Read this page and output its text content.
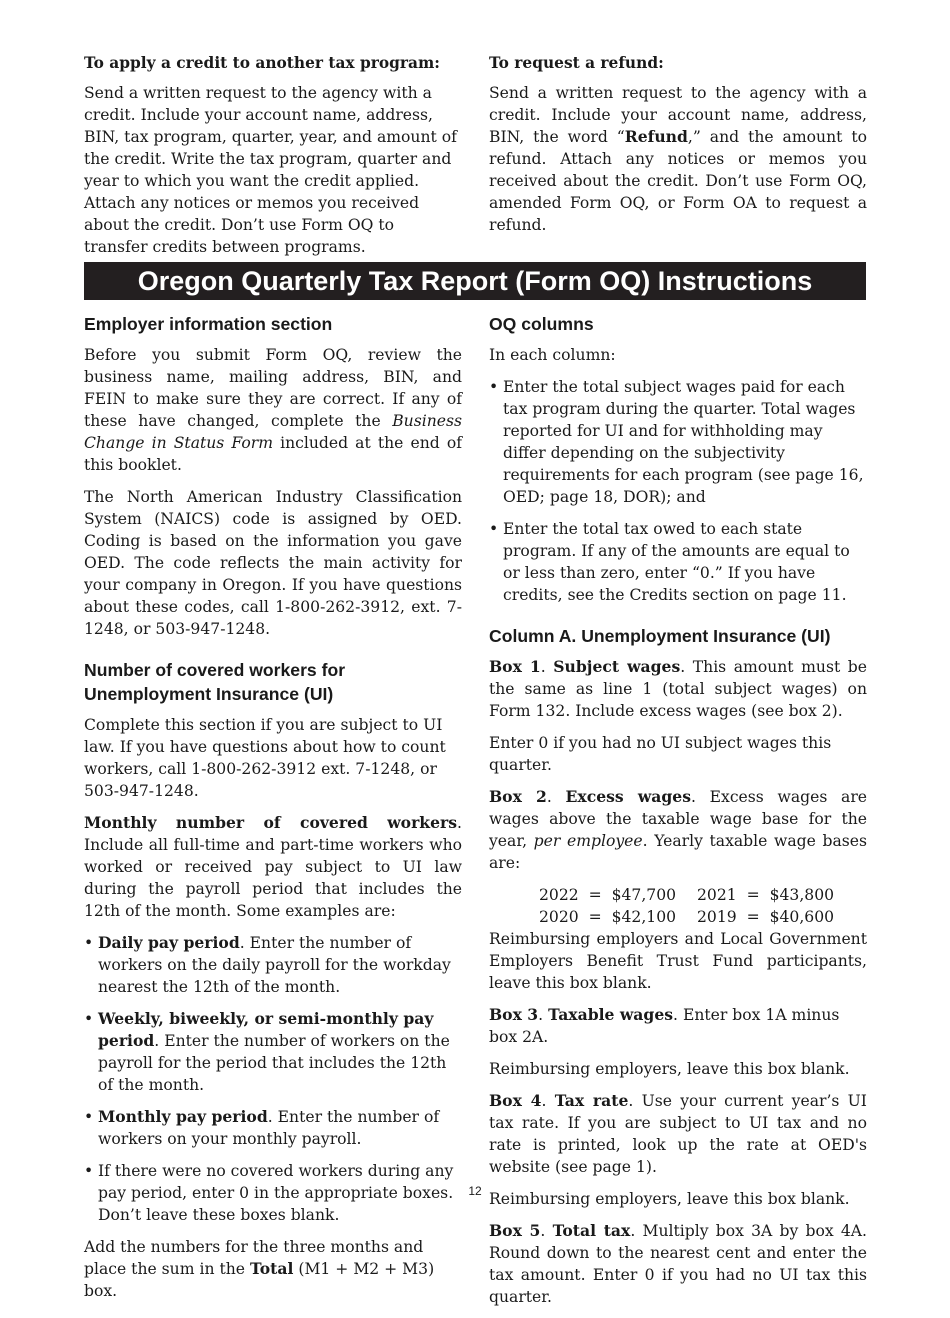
To apply a credit to another tax program:

Send a written request to the agency with a credit. Include your account name, address, BIN, tax program, quarter, year, and amount of the credit. Write the tax program, quarter and year to which you want the credit applied. Attach any notices or memos you received about the credit. Don’t use Form OQ to transfer credits between programs.

To request a refund:

Send a written request to the agency with a credit. Include your account name, address, BIN, the word “Refund,” and the amount to refund. Attach any notices or memos you received about the credit. Don’t use Form OQ, amended Form OQ, or Form OA to request a refund.

Oregon Quarterly Tax Report (Form OQ) Instructions
Employer information section

Before you submit Form OQ, review the business name, mailing address, BIN, and FEIN to make sure they are correct. If any of these have changed, complete the Business Change in Status Form included at the end of this booklet.

The North American Industry Classification System (NAICS) code is assigned by OED. Coding is based on the information you gave OED. The code reflects the main activity for your company in Oregon. If you have questions about these codes, call 1-800-262-3912, ext. 7-1248, or 503-947-1248.

Number of covered workers for Unemployment Insurance (UI)

Complete this section if you are subject to UI law. If you have questions about how to count workers, call 1-800-262-3912 ext. 7-1248, or 503-947-1248.

Monthly number of covered workers. Include all full-time and part-time workers who worked or received pay subject to UI law during the payroll period that includes the 12th of the month. Some examples are:

• Daily pay period. Enter the number of workers on the daily payroll for the workday nearest the 12th of the month.
• Weekly, biweekly, or semi-monthly pay period. Enter the number of workers on the payroll for the period that includes the 12th of the month.
• Monthly pay period. Enter the number of workers on your monthly payroll.
• If there were no covered workers during any pay period, enter 0 in the appropriate boxes. Don’t leave these boxes blank.

Add the numbers for the three months and place the sum in the Total (M1 + M2 + M3) box.

OQ columns

In each column:

• Enter the total subject wages paid for each tax program during the quarter. Total wages reported for UI and for withholding may differ depending on the subjectivity requirements for each program (see page 16, OED; page 18, DOR); and
• Enter the total tax owed to each state program. If any of the amounts are equal to or less than zero, enter “0.” If you have credits, see the Credits section on page 11.
Column A. Unemployment Insurance (UI)

Box 1. Subject wages. This amount must be the same as line 1 (total subject wages) on Form 132. Include excess wages (see box 2).

Enter 0 if you had no UI subject wages this quarter.

Box 2. Excess wages. Excess wages are wages above the taxable wage base for the year, per employee. Yearly taxable wage bases are:

2022  =  $47,700	2021  =  $43,800
2020  =  $42,100	2019  =  $40,600

Reimbursing employers and Local Government Employers Benefit Trust Fund participants, leave this box blank.

Box 3. Taxable wages. Enter box 1A minus box 2A.

Reimbursing employers, leave this box blank.

Box 4. Tax rate. Use your current year’s UI tax rate. If you are subject to UI tax and no rate is printed, look up the rate at OED's website (see page 1).

Reimbursing employers, leave this box blank.

Box 5. Total tax. Multiply box 3A by box 4A. Round down to the nearest cent and enter the tax amount. Enter 0 if you had no UI tax this quarter.

12
